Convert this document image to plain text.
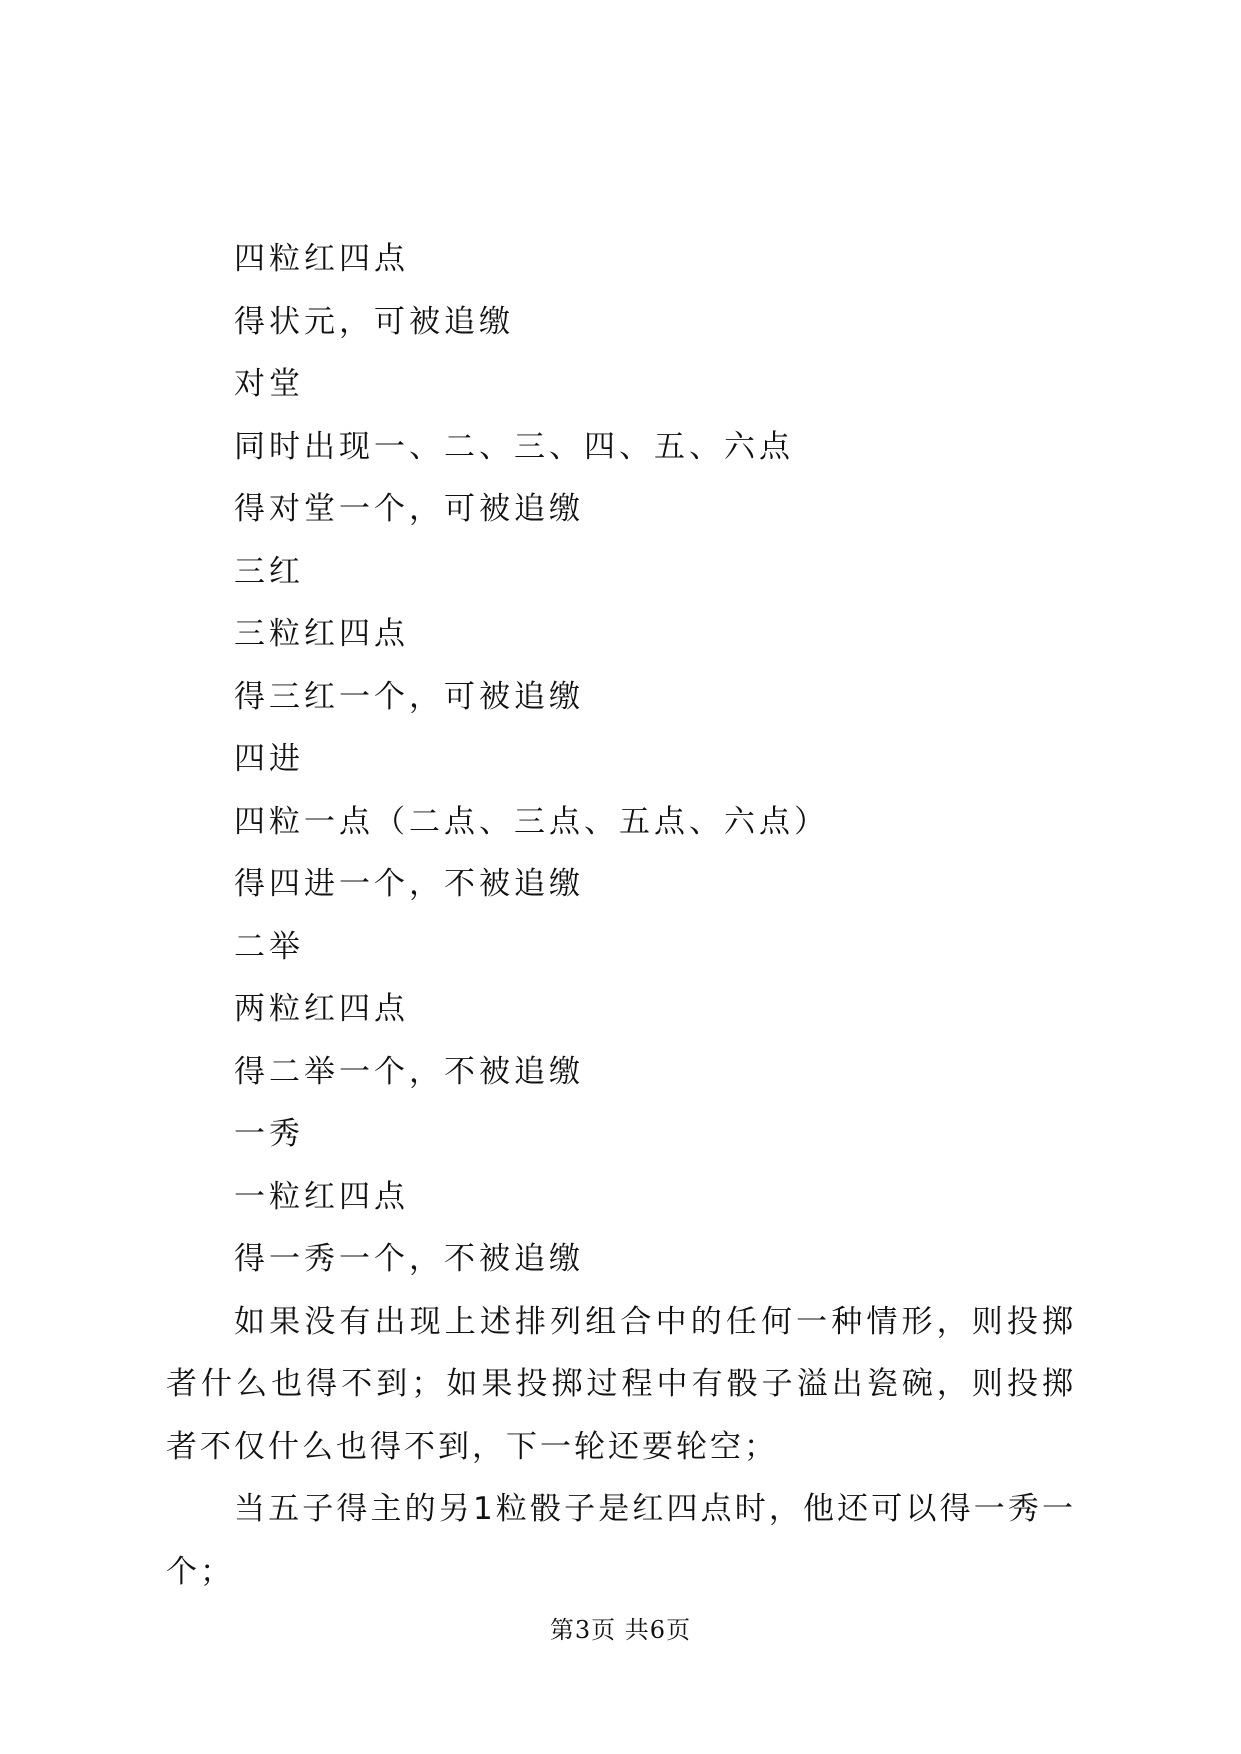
四粒红四点

得状元，可被追缴

对堂

同时出现一、二、三、四、五、六点

得对堂一个，可被追缴

三红

三粒红四点

得三红一个，可被追缴

四进

四粒一点（二点、三点、五点、六点）

得四进一个，不被追缴

二举

两粒红四点

得二举一个，不被追缴

一秀

一粒红四点

得一秀一个，不被追缴

如果没有出现上述排列组合中的任何一种情形，则投掷者什么也得不到；如果投掷过程中有骰子溢出瓷碗，则投掷者不仅什么也得不到，下一轮还要轮空；

当五子得主的另1粒骰子是红四点时，他还可以得一秀一个；

第3页 共6页
